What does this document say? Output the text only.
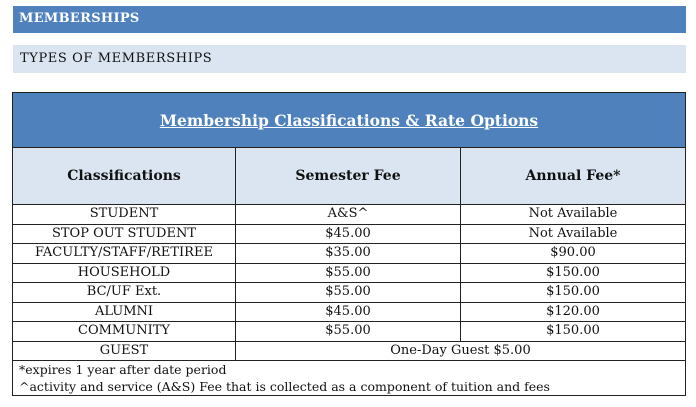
MEMBERSHIPS
TYPES OF MEMBERSHIPS
Membership Classifications & Rate Options		
Classifications	Semester Fee	Annual Fee*
STUDENT	A&S^	Not Available
STOP OUT STUDENT	$45.00	Not Available
FACULTY/STAFF/RETIREE	$35.00	$90.00
HOUSEHOLD	$55.00	$150.00
BC/UF Ext.	$55.00	$150.00
ALUMNI	$45.00	$120.00
COMMUNITY	$55.00	$150.00
GUEST	One-Day Guest $5.00	

*expires 1 year after date period
^activity and service (A&S) Fee that is collected as a component of tuition and fees		
